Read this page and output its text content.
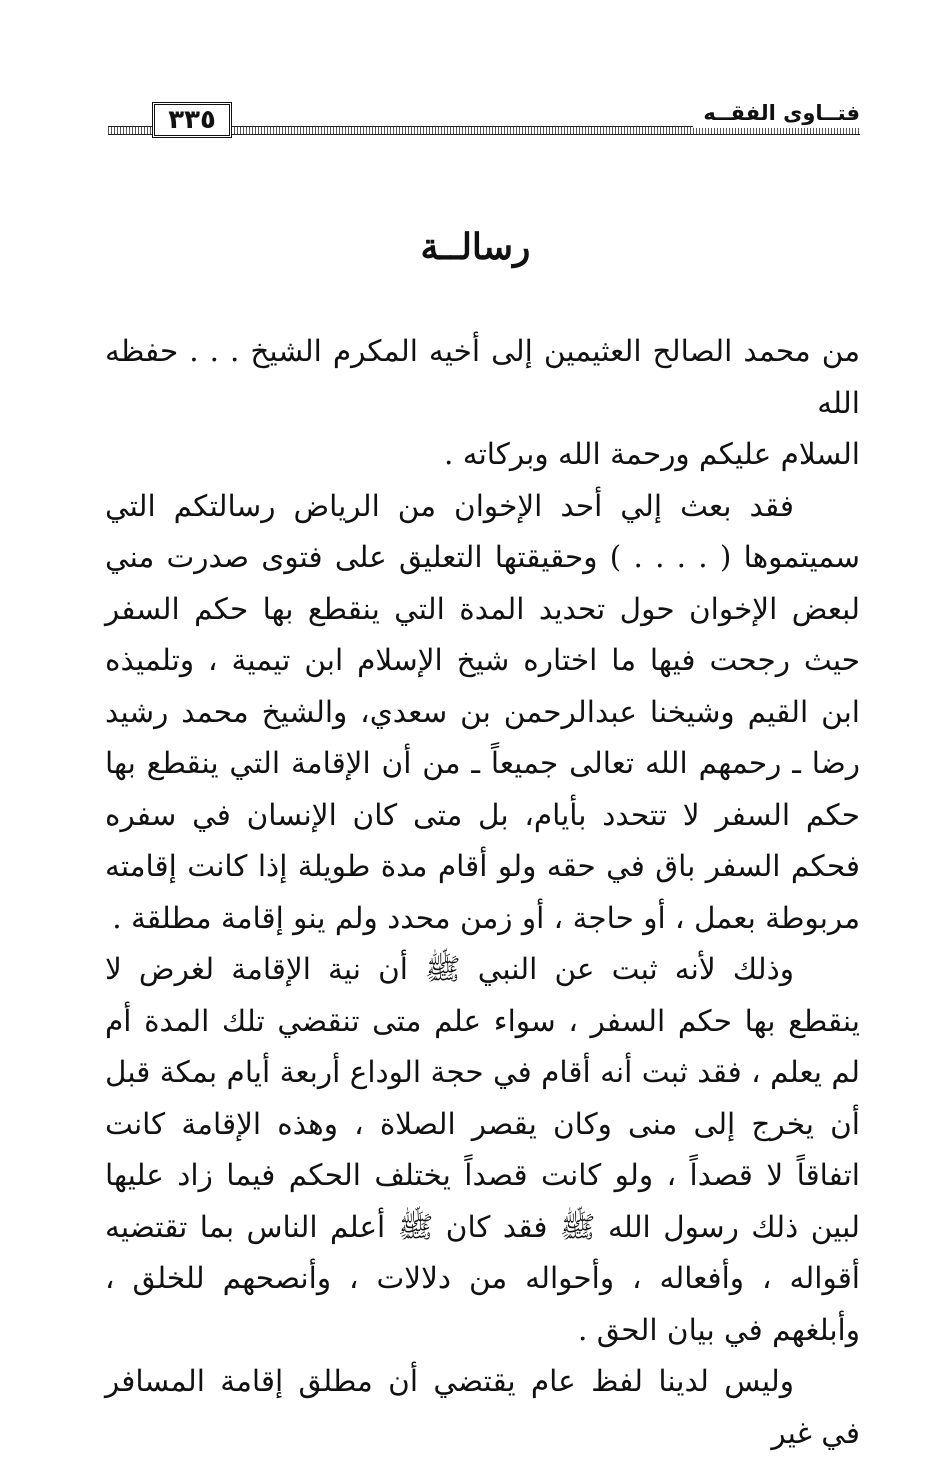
٣٣٥	فتــاوى الفقــه
رسالــة

من محمد الصالح العثيمين إلى أخيه المكرم الشيخ . . . حفظه الله

السلام عليكم ورحمة الله وبركاته .

فقد بعث إلي أحد الإخوان من الرياض رسالتكم التي سميتموها ( . . . . ) وحقيقتها التعليق على فتوى صدرت مني لبعض الإخوان حول تحديد المدة التي ينقطع بها حكم السفر حيث رجحت فيها ما اختاره شيخ الإسلام ابن تيمية ، وتلميذه ابن القيم وشيخنا عبدالرحمن بن سعدي، والشيخ محمد رشيد رضا ـ رحمهم الله تعالى جميعاً ـ من أن الإقامة التي ينقطع بها حكم السفر لا تتحدد بأيام، بل متى كان الإنسان في سفره فحكم السفر باق في حقه ولو أقام مدة طويلة إذا كانت إقامته مربوطة بعمل ، أو حاجة ، أو زمن محدد ولم ينو إقامة مطلقة .

وذلك لأنه ثبت عن النبي ﷺ أن نية الإقامة لغرض لا ينقطع بها حكم السفر ، سواء علم متى تنقضي تلك المدة أم لم يعلم ، فقد ثبت أنه أقام في حجة الوداع أربعة أيام بمكة قبل أن يخرج إلى منى وكان يقصر الصلاة ، وهذه الإقامة كانت اتفاقاً لا قصداً ، ولو كانت قصداً يختلف الحكم فيما زاد عليها لبين ذلك رسول الله ﷺ فقد كان ﷺ أعلم الناس بما تقتضيه أقواله ، وأفعاله ، وأحواله من دلالات ، وأنصحهم للخلق ، وأبلغهم في بيان الحق .

وليس لدينا لفظ عام يقتضي أن مطلق إقامة المسافر في غير
